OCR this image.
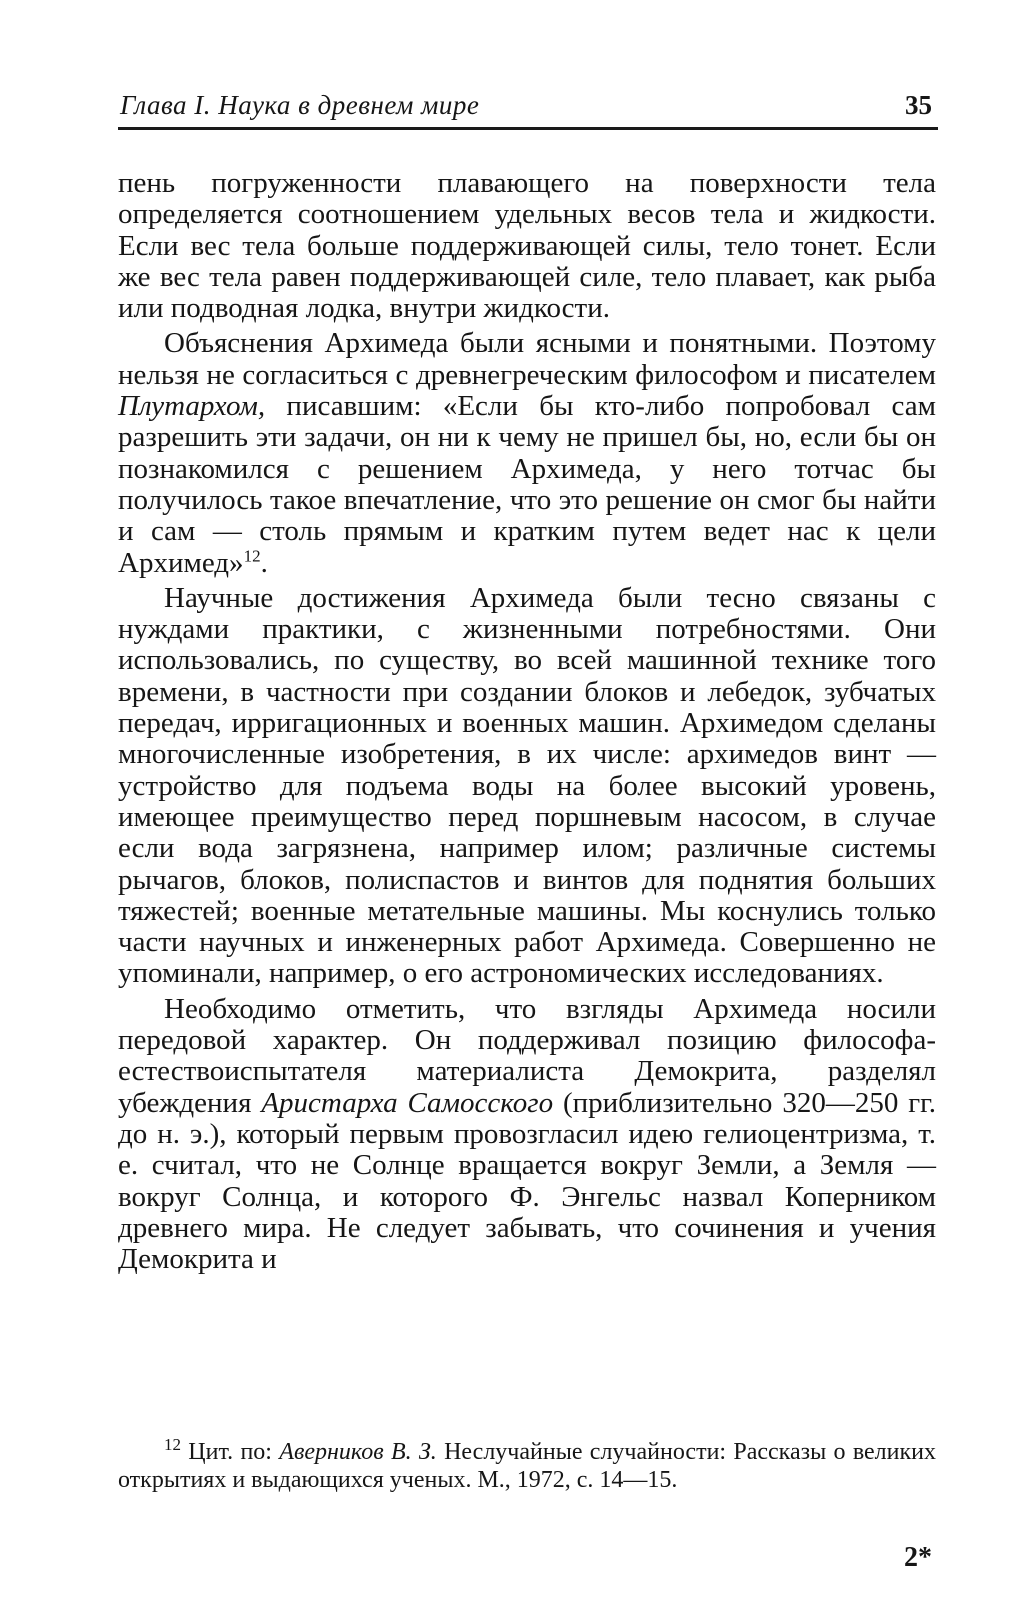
Глава I. Наука в древнем мире	35

пень погруженности плавающего на поверхности тела определяется соотношением удельных весов тела и жидкости. Если вес тела больше поддерживающей силы, тело тонет. Если же вес тела равен поддерживающей силе, тело плавает, как рыба или подводная лодка, внутри жидкости.

Объяснения Архимеда были ясными и понятными. Поэтому нельзя не согласиться с древнегреческим философом и писателем Плутархом, писавшим: «Если бы кто-либо попробовал сам разрешить эти задачи, он ни к чему не пришел бы, но, если бы он познакомился с решением Архимеда, у него тотчас бы получилось такое впечатление, что это решение он смог бы найти и сам — столь прямым и кратким путем ведет нас к цели Архимед»$^{12}$.

Научные достижения Архимеда были тесно связаны с нуждами практики, с жизненными потребностями. Они использовались, по существу, во всей машинной технике того времени, в частности при создании блоков и лебедок, зубчатых передач, ирригационных и военных машин. Архимедом сделаны многочисленные изобретения, в их числе: архимедов винт — устройство для подъема воды на более высокий уровень, имеющее преимущество перед поршневым насосом, в случае если вода загрязнена, например илом; различные системы рычагов, блоков, полиспастов и винтов для поднятия больших тяжестей; военные метательные машины. Мы коснулись только части научных и инженерных работ Архимеда. Совершенно не упоминали, например, о его астрономических исследованиях.

Необходимо отметить, что взгляды Архимеда носили передовой характер. Он поддерживал позицию философа-естествоиспытателя материалиста Демокрита, разделял убеждения Аристарха Самосского (приблизительно 320—250 гг. до н. э.), который первым провозгласил идею гелиоцентризма, т. е. считал, что не Солнце вращается вокруг Земли, а Земля — вокруг Солнца, и которого Ф. Энгельс назвал Коперником древнего мира. Не следует забывать, что сочинения и учения Демокрита и

$^{12}$ Цит. по: Аверников В. З. Неслучайные случайности: Рассказы о великих открытиях и выдающихся ученых. М., 1972, с. 14—15.

2*
